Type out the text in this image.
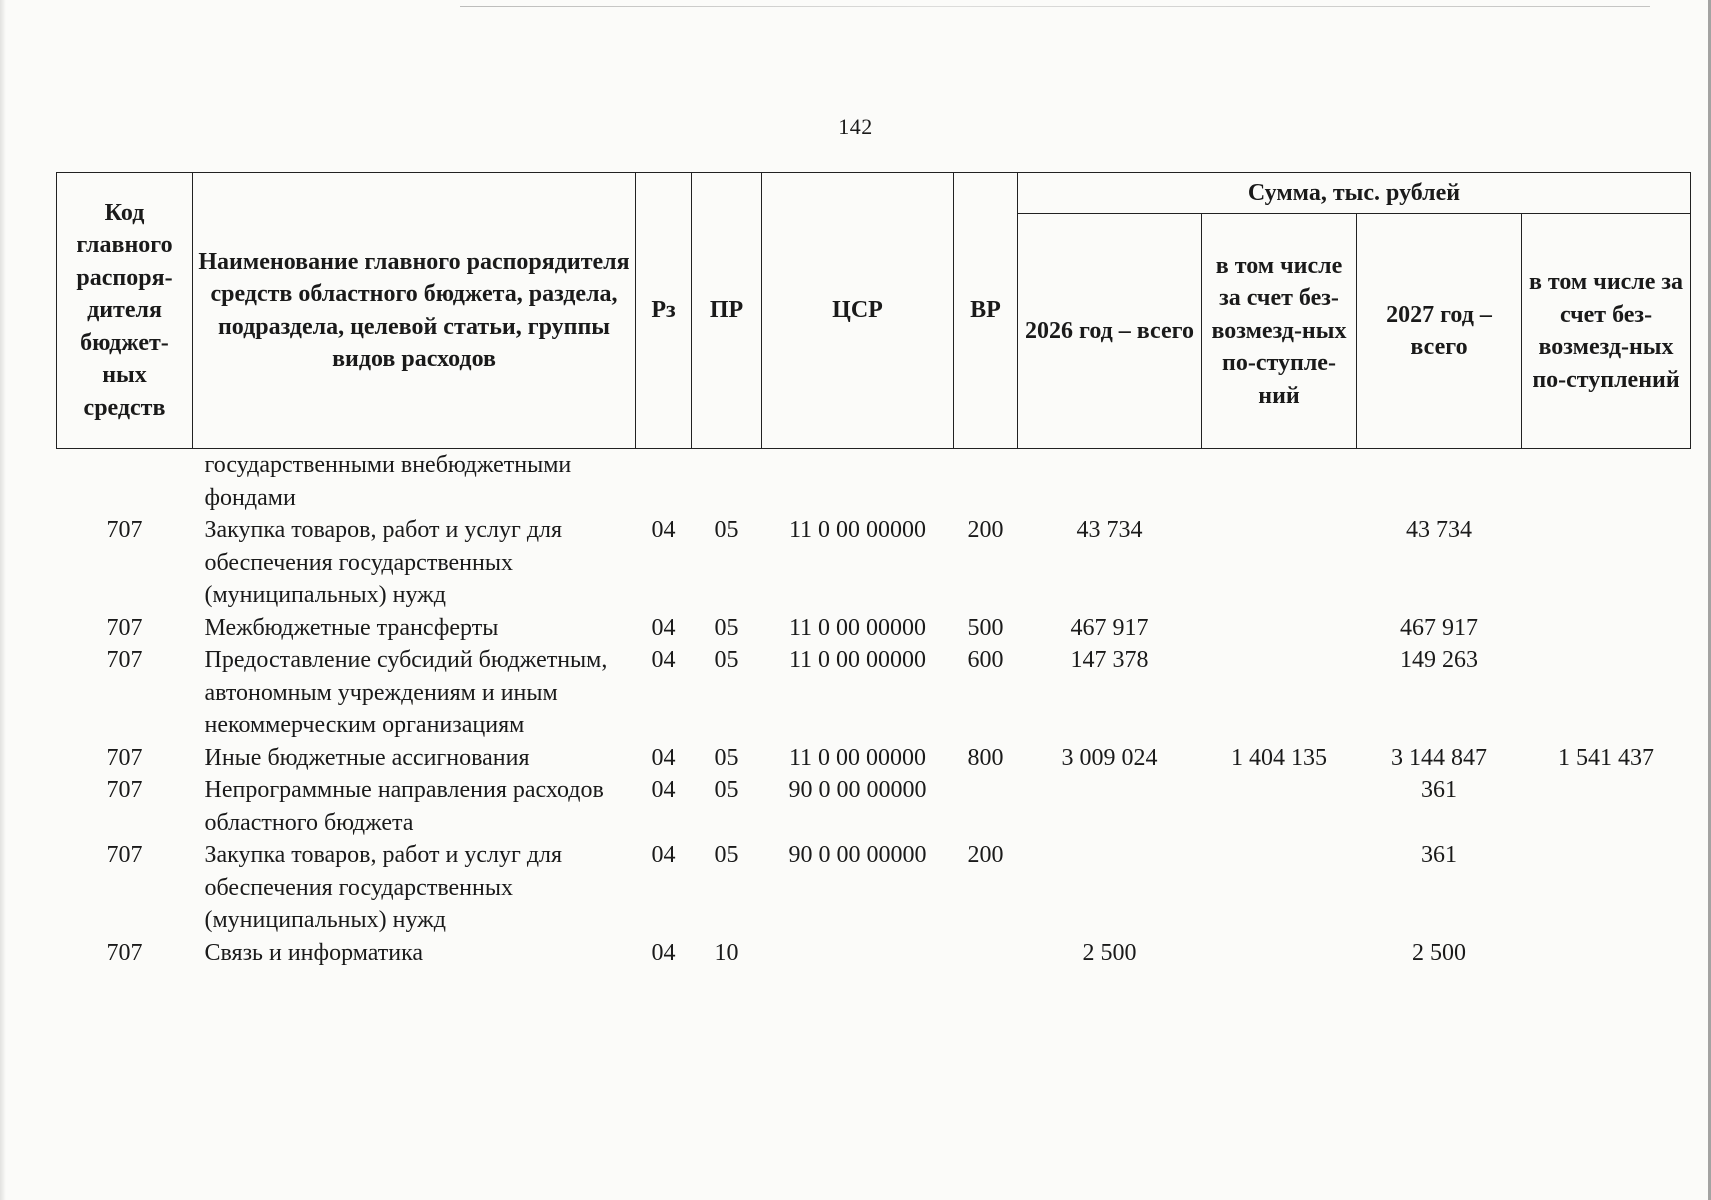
142
Код главного распоря-дителя бюджет-ных средств	Наименование главного распорядителя средств областного бюджета, раздела, подраздела, целевой статьи, группы видов расходов	Рз	ПР	ЦСР	ВР	Сумма, тыс. рублей			
						2026 год – всего	в том числе за счет без-возмезд-ных по-ступле-ний	2027 год – всего	в том числе за счет без-возмезд-ных по-ступлений
	государственными внебюджетными фондами								
707	Закупка товаров, работ и услуг для обеспечения государственных (муниципальных) нужд	04	05	11 0 00 00000	200	43 734		43 734	
707	Межбюджетные трансферты	04	05	11 0 00 00000	500	467 917		467 917	
707	Предоставление субсидий бюджетным, автономным учреждениям и иным некоммерческим организациям	04	05	11 0 00 00000	600	147 378		149 263	
707	Иные бюджетные ассигнования	04	05	11 0 00 00000	800	3 009 024	1 404 135	3 144 847	1 541 437
707	Непрограммные направления расходов областного бюджета	04	05	90 0 00 00000				361	
707	Закупка товаров, работ и услуг для обеспечения государственных (муниципальных) нужд	04	05	90 0 00 00000	200			361	
707	Связь и информатика	04	10			2 500		2 500	
